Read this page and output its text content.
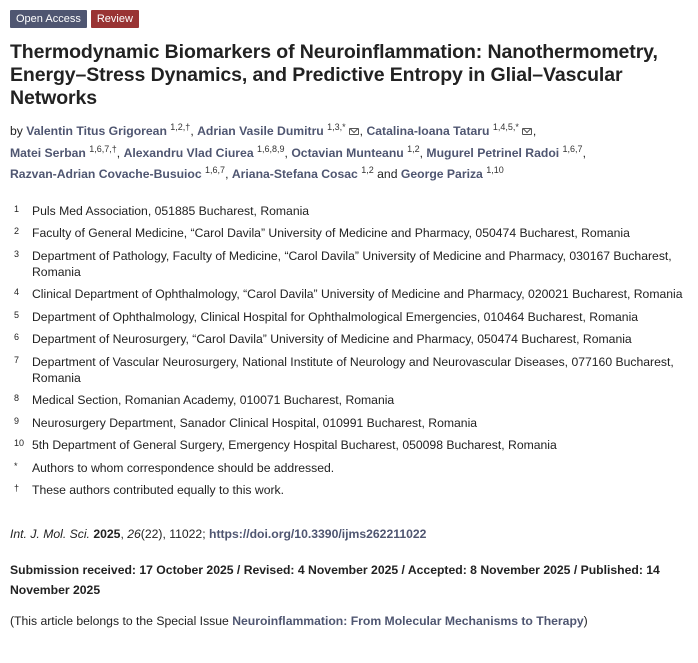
Open Access	Review
Thermodynamic Biomarkers of Neuroinflammation: Nanothermometry, Energy–Stress Dynamics, and Predictive Entropy in Glial–Vascular Networks
by Valentin Titus Grigorean $^{1,2,\dagger}$, Adrian Vasile Dumitru $^{1,3,*}$ , Catalina-Ioana Tataru $^{1,4,5,*}$ ,
Matei Serban $^{1,6,7,\dagger}$, Alexandru Vlad Ciurea $^{1,6,8,9}$, Octavian Munteanu $^{1,2}$, Mugurel Petrinel Radoi $^{1,6,7}$,
Razvan-Adrian Covache-Busuioc $^{1,6,7}$, Ariana-Stefana Cosac $^{1,2}$ and George Pariza $^{1,10}$
1	Puls Med Association, 051885 Bucharest, Romania
2	Faculty of General Medicine, “Carol Davila” University of Medicine and Pharmacy, 050474 Bucharest, Romania
3	Department of Pathology, Faculty of Medicine, “Carol Davila” University of Medicine and Pharmacy, 030167 Bucharest, Romania
4	Clinical Department of Ophthalmology, “Carol Davila” University of Medicine and Pharmacy, 020021 Bucharest, Romania
5	Department of Ophthalmology, Clinical Hospital for Ophthalmological Emergencies, 010464 Bucharest, Romania
6	Department of Neurosurgery, “Carol Davila” University of Medicine and Pharmacy, 050474 Bucharest, Romania
7	Department of Vascular Neurosurgery, National Institute of Neurology and Neurovascular Diseases, 077160 Bucharest, Romania
8	Medical Section, Romanian Academy, 010071 Bucharest, Romania
9	Neurosurgery Department, Sanador Clinical Hospital, 010991 Bucharest, Romania
10 5th Department of General Surgery, Emergency Hospital Bucharest, 050098 Bucharest, Romania
*	Authors to whom correspondence should be addressed.
†	These authors contributed equally to this work.
Int. J. Mol. Sci. 2025, 26(22), 11022; https://doi.org/10.3390/ijms262211022
Submission received: 17 October 2025 / Revised: 4 November 2025 / Accepted: 8 November 2025 / Published: 14 November 2025
(This article belongs to the Special Issue Neuroinflammation: From Molecular Mechanisms to Therapy)
